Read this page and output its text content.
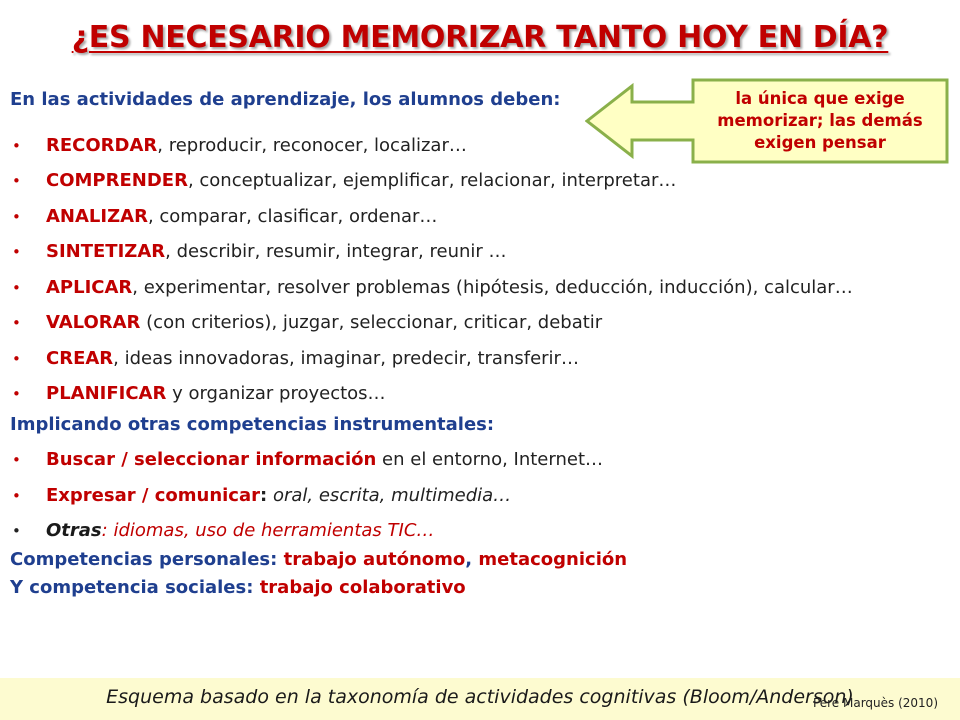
¿ES NECESARIO MEMORIZAR TANTO HOY EN DÍA?
En las actividades de aprendizaje, los alumnos deben:	la única que exige memorizar; las demás exigen pensar
• RECORDAR, reproducir, reconocer, localizar…
• COMPRENDER, conceptualizar, ejemplificar, relacionar, interpretar…
• ANALIZAR, comparar, clasificar, ordenar…
• SINTETIZAR, describir, resumir, integrar, reunir …
• APLICAR, experimentar, resolver problemas (hipótesis, deducción, inducción), calcular…
• VALORAR (con criterios), juzgar, seleccionar, criticar, debatir
• CREAR, ideas innovadoras, imaginar, predecir, transferir…
• PLANIFICAR y organizar proyectos…
Implicando otras competencias instrumentales:
• Buscar / seleccionar información en el entorno, Internet…
• Expresar / comunicar: oral, escrita, multimedia…
• Otras: idiomas, uso de herramientas TIC…
Competencias personales: trabajo autónomo, metacognición
Y competencia sociales: trabajo colaborativo
Esquema basado en la taxonomía de actividades cognitivas (Bloom/Anderson)
Pere Marquès (2010)
